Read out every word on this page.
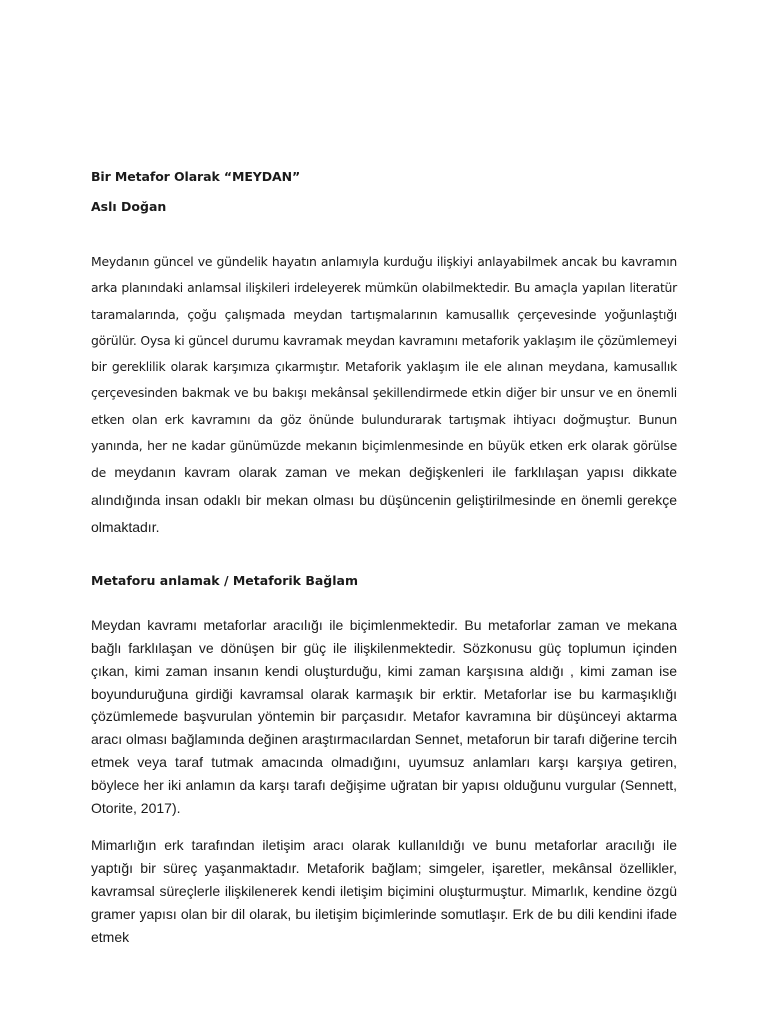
Bir Metafor Olarak “MEYDAN”

Aslı Doğan

Meydanın güncel ve gündelik hayatın anlamıyla kurduğu ilişkiyi anlayabilmek ancak bu kavramın arka planındaki anlamsal ilişkileri irdeleyerek mümkün olabilmektedir. Bu amaçla yapılan literatür taramalarında, çoğu çalışmada meydan tartışmalarının kamusallık çerçevesinde yoğunlaştığı görülür. Oysa ki güncel durumu kavramak meydan kavramını metaforik yaklaşım ile çözümlemeyi bir gereklilik olarak karşımıza çıkarmıştır. Metaforik yaklaşım ile ele alınan meydana, kamusallık çerçevesinden bakmak ve bu bakışı mekânsal şekillendirmede etkin diğer bir unsur ve en önemli etken olan erk kavramını da göz önünde bulundurarak tartışmak ihtiyacı doğmuştur. Bunun yanında, her ne kadar günümüzde mekanın biçimlenmesinde en büyük etken erk olarak görülse de meydanın kavram olarak zaman ve mekan değişkenleri ile farklılaşan yapısı dikkate alındığında insan odaklı bir mekan olması bu düşüncenin geliştirilmesinde en önemli gerekçe olmaktadır.

Metaforu anlamak / Metaforik Bağlam

Meydan kavramı metaforlar aracılığı ile biçimlenmektedir. Bu metaforlar zaman ve mekana bağlı farklılaşan ve dönüşen bir güç ile ilişkilenmektedir. Sözkonusu güç toplumun içinden çıkan, kimi zaman insanın kendi oluşturduğu, kimi zaman karşısına aldığı , kimi zaman ise boyunduruğuna girdiği kavramsal olarak karmaşık bir erktir. Metaforlar ise bu karmaşıklığı çözümlemede başvurulan yöntemin bir parçasıdır. Metafor kavramına bir düşünceyi aktarma aracı olması bağlamında değinen araştırmacılardan Sennet, metaforun bir tarafı diğerine tercih etmek veya taraf tutmak amacında olmadığını, uyumsuz anlamları karşı karşıya getiren, böylece her iki anlamın da karşı tarafı değişime uğratan bir yapısı olduğunu vurgular (Sennett, Otorite, 2017).

Mimarlığın erk tarafından iletişim aracı olarak kullanıldığı ve bunu metaforlar aracılığı ile yaptığı bir süreç yaşanmaktadır. Metaforik bağlam; simgeler, işaretler, mekânsal özellikler, kavramsal süreçlerle ilişkilenerek kendi iletişim biçimini oluşturmuştur. Mimarlık, kendine özgü gramer yapısı olan bir dil olarak, bu iletişim biçimlerinde somutlaşır. Erk de bu dili kendini ifade etmek
